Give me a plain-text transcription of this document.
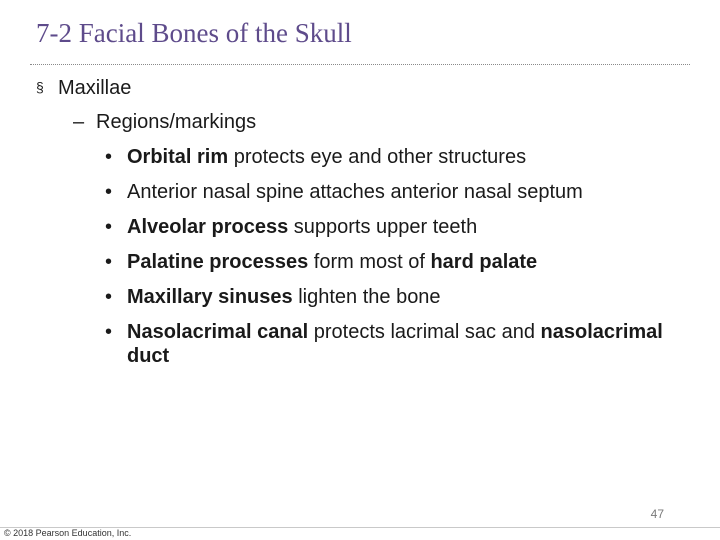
7-2 Facial Bones of the Skull
§ Maxillae
– Regions/markings
• Orbital rim protects eye and other structures
• Anterior nasal spine attaches anterior nasal septum
• Alveolar process supports upper teeth
• Palatine processes form most of hard palate
• Maxillary sinuses lighten the bone
• Nasolacrimal canal protects lacrimal sac and nasolacrimal duct
47
© 2018 Pearson Education, Inc.
